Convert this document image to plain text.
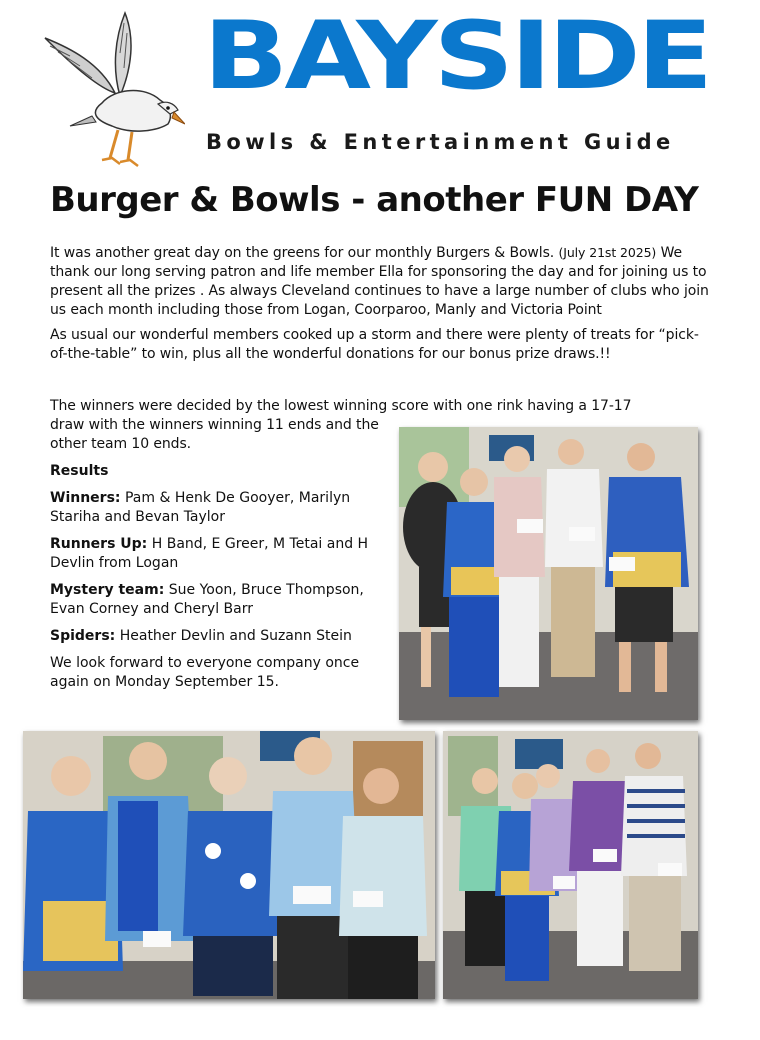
BAYSIDE
Bowls & Entertainment Guide
Burger & Bowls - another FUN DAY

It was another great day on the greens for our monthly Burgers & Bowls. (July 21st 2025) We thank our long serving patron and life member Ella for sponsoring the day and for joining us to present all the prizes . As always Cleveland continues to have a large number of clubs who join us each month including those from Logan, Coorparoo, Manly and Victoria Point

As usual our wonderful members cooked up a storm and there were plenty of treats for “pick-of-the-table” to win, plus all the wonderful donations for our bonus prize draws.!!

The winners were decided by the lowest winning score with one rink having a 17-17

draw with the winners winning 11 ends and the other team 10 ends.

Results

Winners: Pam & Henk De Gooyer, Marilyn Stariha and Bevan Taylor

Runners Up: H Band, E Greer, M Tetai and H Devlin from Logan

Mystery team: Sue Yoon, Bruce Thompson, Evan Corney and Cheryl Barr

Spiders: Heather Devlin and Suzann Stein

We look forward to everyone company once again on Monday September 15.
